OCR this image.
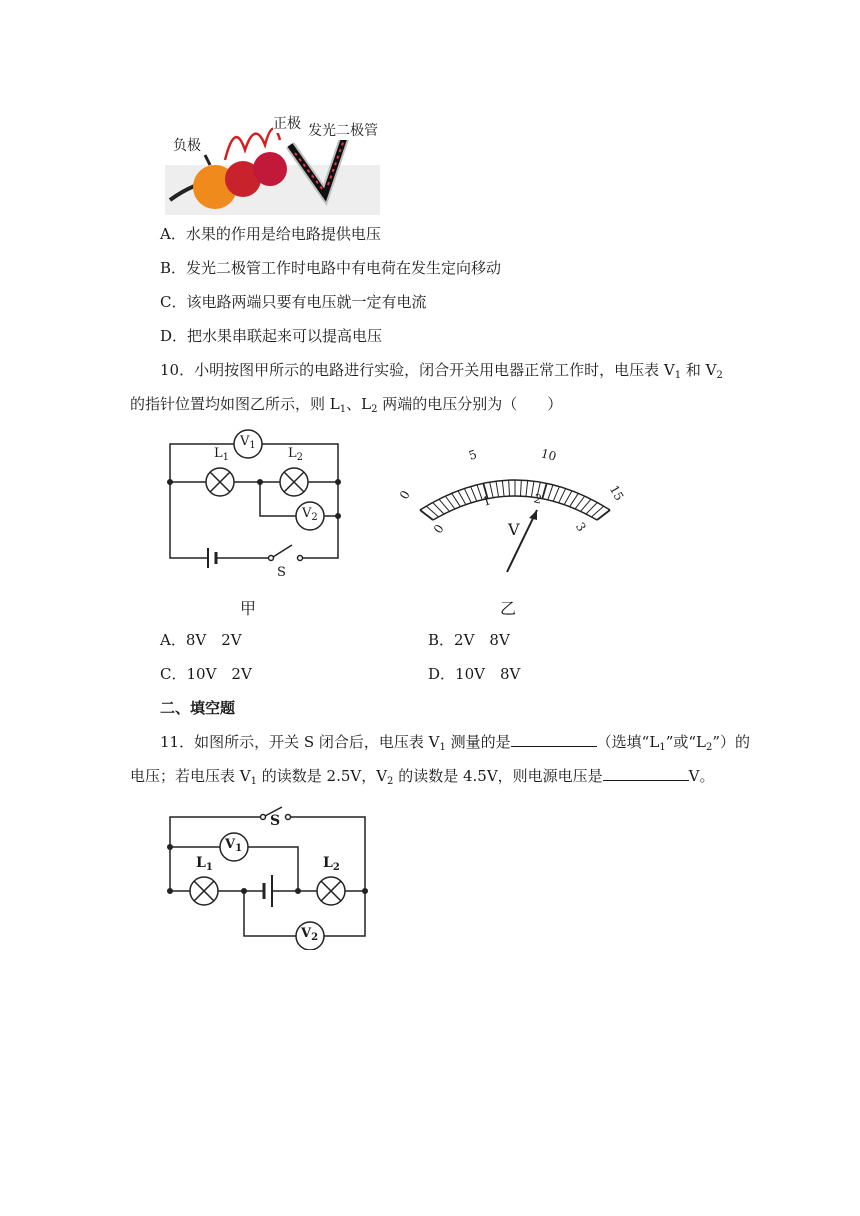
负极
正极 发光二极管
A．水果的作用是给电路提供电压
B．发光二极管工作时电路中有电荷在发生定向移动
C．该电路两端只要有电压就一定有电流
D．把水果串联起来可以提高电压
10．小明按图甲所示的电路进行实验，闭合开关用电器正常工作时，电压表 $V_1$ 和 $V_2$
的指针位置均如图乙所示，则 $L_1$、$L_2$ 两端的电压分别为（　　）
$V_1$
$L_1$	$L_2$
$V_2$
S
甲
0
5	10
15
0
1	2
3
V
乙
A．8V　2V	B．2V　8V
C．10V　2V	D．10V　8V
二、填空题
11．如图所示，开关 S 闭合后，电压表 $V_1$ 测量的是	（选填“$L_1$”或“$L_2$”）的
电压；若电压表 $V_1$ 的读数是 2.5V，$V_2$ 的读数是 4.5V，则电源电压是	V。
S
$V_1$
$L_1$	$L_2$
$V_2$
